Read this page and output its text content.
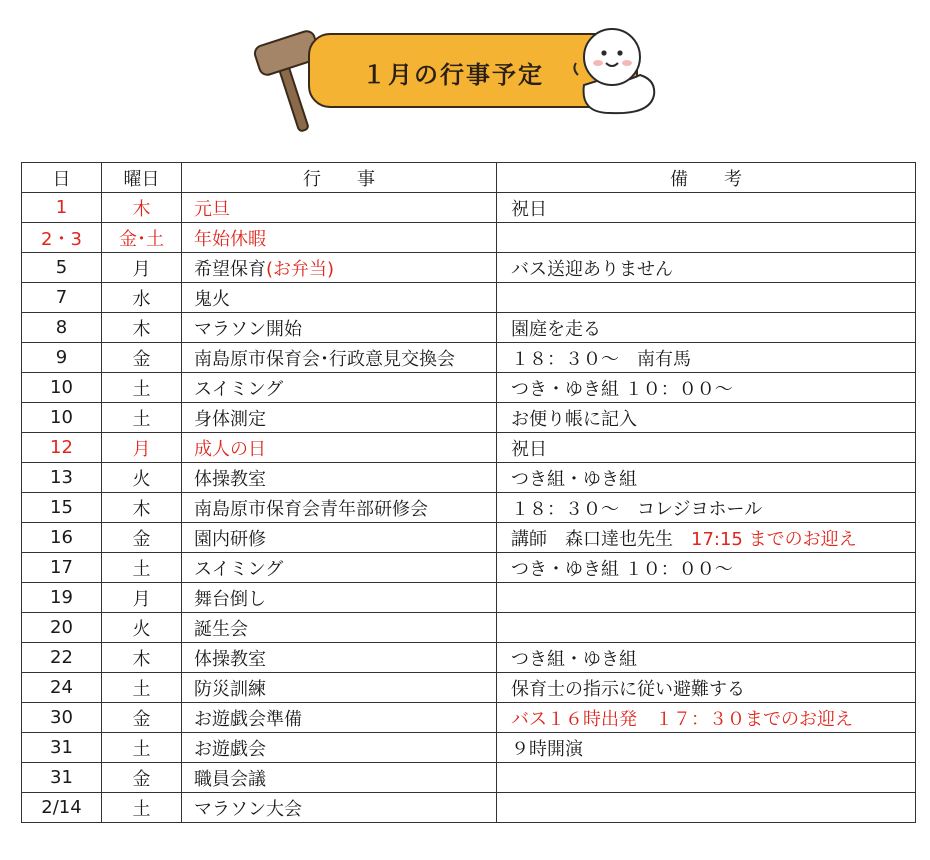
１月の行事予定
日	曜日	行　　事	備　　考
1	木	元旦	祝日
2・3	金･土	年始休暇	
5	月	希望保育(お弁当)	バス送迎ありません
7	水	鬼火	
8	木	マラソン開始	園庭を走る
9	金	南島原市保育会･行政意見交換会	１８：３０～　南有馬
10	土	スイミング	つき・ゆき組 １０：００～
10	土	身体測定	お便り帳に記入
12	月	成人の日	祝日
13	火	体操教室	つき組・ゆき組
15	木	南島原市保育会青年部研修会	１８：３０～　コレジヨホール
16	金	園内研修	講師　森口達也先生　17:15 までのお迎え
17	土	スイミング	つき・ゆき組 １０：００～
19	月	舞台倒し	
20	火	誕生会	
22	木	体操教室	つき組・ゆき組
24	土	防災訓練	保育士の指示に従い避難する
30	金	お遊戯会準備	バス１６時出発　１７：３０までのお迎え
31	土	お遊戯会	９時開演
31	金	職員会議	
2/14	土	マラソン大会	
